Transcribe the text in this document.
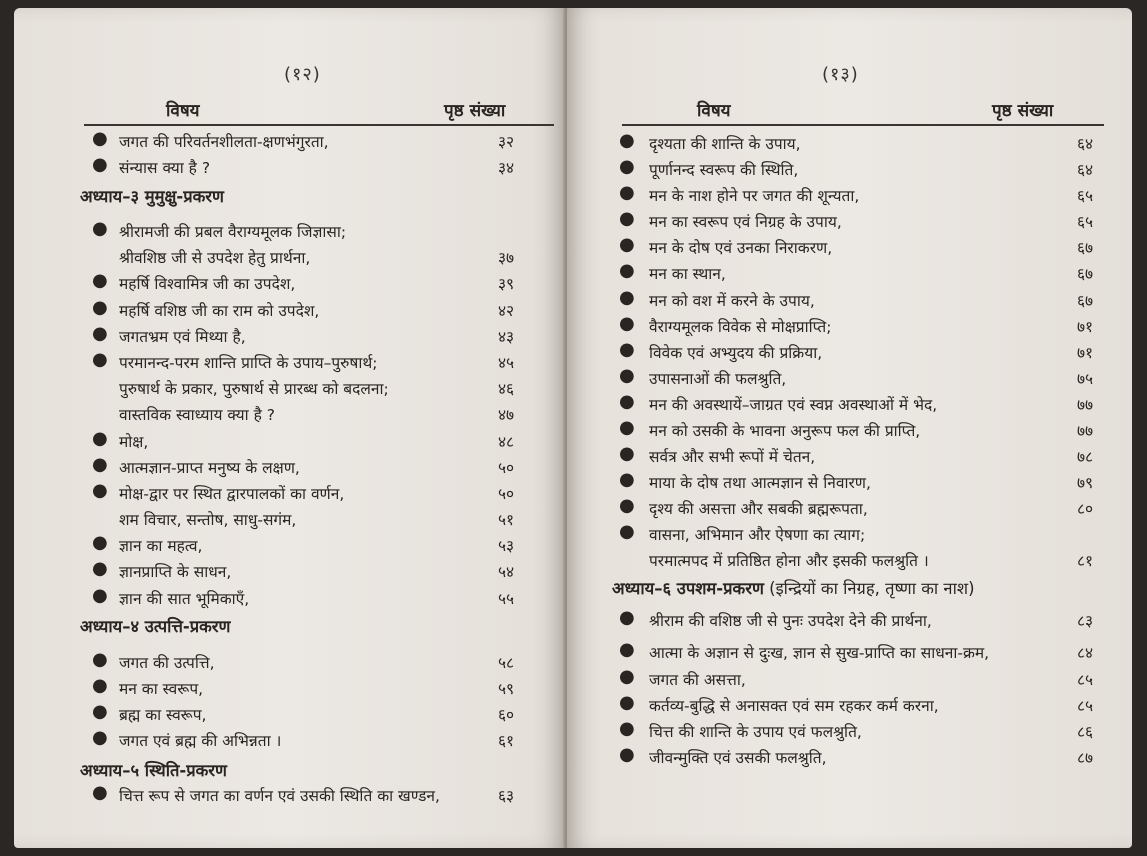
(१२)
विषय	पृष्ठ संख्या
● जगत की परिवर्तनशीलता-क्षणभंगुरता,	३२
● संन्यास क्या है ?	३४
अध्याय–३ मुमुक्षु-प्रकरण
● श्रीरामजी की प्रबल वैराग्यमूलक जिज्ञासा;
श्रीवशिष्ठ जी से उपदेश हेतु प्रार्थना,	३७
● महर्षि विश्वामित्र जी का उपदेश,	३९
● महर्षि वशिष्ठ जी का राम को उपदेश,	४२
● जगतभ्रम एवं मिथ्या है,	४३
● परमानन्द-परम शान्ति प्राप्ति के उपाय–पुरुषार्थ;	४५
पुरुषार्थ के प्रकार, पुरुषार्थ से प्रारब्ध को बदलना;	४६
वास्तविक स्वाध्याय क्या है ?	४७
● मोक्ष,	४८
● आत्मज्ञान-प्राप्त मनुष्य के लक्षण,	५०
● मोक्ष-द्वार पर स्थित द्वारपालकों का वर्णन,	५०
शम विचार, सन्तोष, साधु-सगंम,	५१
● ज्ञान का महत्व,	५३
● ज्ञानप्राप्ति के साधन,	५४
● ज्ञान की सात भूमिकाएँ,	५५
अध्याय–४ उत्पत्ति-प्रकरण
● जगत की उत्पत्ति,	५८
● मन का स्वरूप,	५९
● ब्रह्म का स्वरूप,	६०
● जगत एवं ब्रह्म की अभिन्नता ।	६१
अध्याय–५ स्थिति-प्रकरण
● चित्त रूप से जगत का वर्णन एवं उसकी स्थिति का खण्डन,	६३
(१३)
विषय	पृष्ठ संख्या
● दृश्यता की शान्ति के उपाय,	६४
● पूर्णानन्द स्वरूप की स्थिति,	६४
● मन के नाश होने पर जगत की शून्यता,	६५
● मन का स्वरूप एवं निग्रह के उपाय,	६५
● मन के दोष एवं उनका निराकरण,	६७
● मन का स्थान,	६७
● मन को वश में करने के उपाय,	६७
● वैराग्यमूलक विवेक से मोक्षप्राप्ति;	७१
● विवेक एवं अभ्युदय की प्रक्रिया,	७१
● उपासनाओं की फलश्रुति,	७५
● मन की अवस्थायें–जाग्रत एवं स्वप्न अवस्थाओं में भेद,	७७
● मन को उसकी के भावना अनुरूप फल की प्राप्ति,	७७
● सर्वत्र और सभी रूपों में चेतन,	७८
● माया के दोष तथा आत्मज्ञान से निवारण,	७९
● दृश्य की असत्ता और सबकी ब्रह्मरूपता,	८०
● वासना, अभिमान और ऐषणा का त्याग;
परमात्मपद में प्रतिष्ठित होना और इसकी फलश्रुति ।	८१
अध्याय–६ उपशम-प्रकरण (इन्द्रियों का निग्रह, तृष्णा का नाश)
● श्रीराम की वशिष्ठ जी से पुनः उपदेश देने की प्रार्थना,	८३
● आत्मा के अज्ञान से दुःख, ज्ञान से सुख-प्राप्ति का साधना-क्रम,	८४
● जगत की असत्ता,	८५
● कर्तव्य-बुद्धि से अनासक्त एवं सम रहकर कर्म करना,	८५
● चित्त की शान्ति के उपाय एवं फलश्रुति,	८६
● जीवन्मुक्ति एवं उसकी फलश्रुति,	८७
